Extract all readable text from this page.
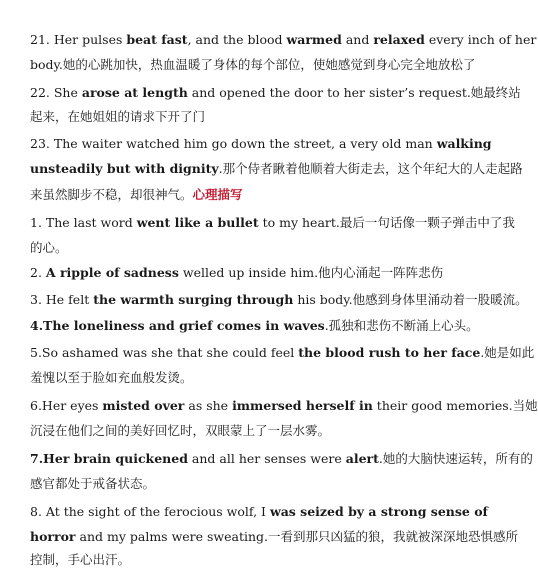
21. Her pulses beat fast, and the blood warmed and relaxed every inch of her
body.她的心跳加快，热血温暖了身体的每个部位，使她感觉到身心完全地放松了
22. She arose at length and opened the door to her sister’s request.她最终站
起来，在她姐姐的请求下开了门
23. The waiter watched him go down the street, a very old man walking
unsteadily but with dignity.那个侍者瞅着他顺着大街走去，这个年纪大的人走起路
来虽然脚步不稳，却很神气。心理描写
1. The last word went like a bullet to my heart.最后一句话像一颗子弹击中了我
的心。
2. A ripple of sadness welled up inside him.他内心涌起一阵阵悲伤
3. He felt the warmth surging through his body.他感到身体里涌动着一股暖流。
4.The loneliness and grief comes in waves.孤独和悲伤不断涌上心头。
5.So ashamed was she that she could feel the blood rush to her face.她是如此
羞愧以至于脸如充血般发烫。
6.Her eyes misted over as she immersed herself in their good memories.当她
沉浸在他们之间的美好回忆时，双眼蒙上了一层水雾。
7.Her brain quickened and all her senses were alert.她的大脑快速运转，所有的
感官都处于戒备状态。
8. At the sight of the ferocious wolf, I was seized by a strong sense of
horror and my palms were sweating.一看到那只凶猛的狼，我就被深深地恐惧感所
控制，手心出汗。
